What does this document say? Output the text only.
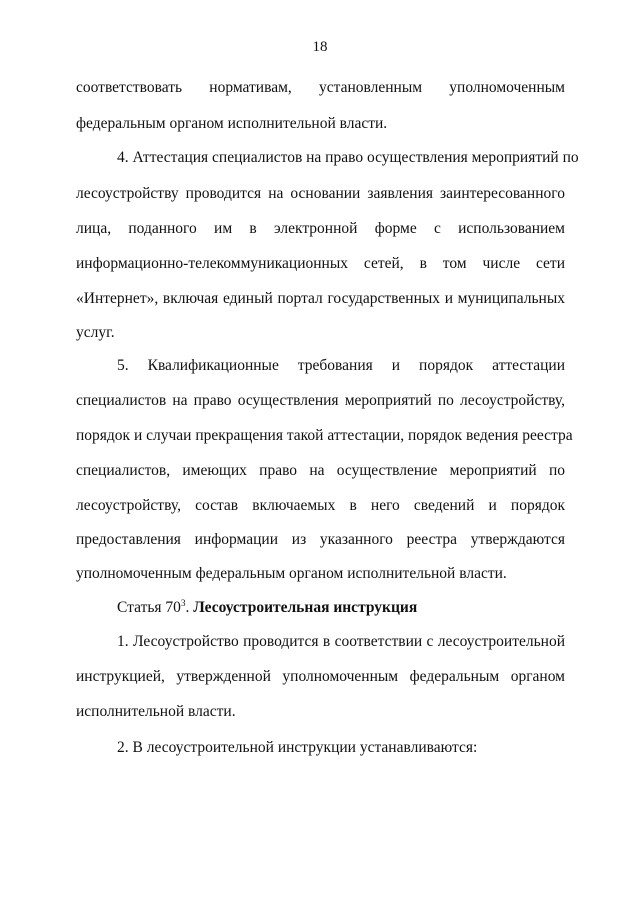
18
соответствовать нормативам, установленным уполномоченным
федеральным органом исполнительной власти.
4. Аттестация специалистов на право осуществления мероприятий по
лесоустройству проводится на основании заявления заинтересованного
лица, поданного им в электронной форме с использованием
информационно-телекоммуникационных сетей, в том числе сети
«Интернет», включая единый портал государственных и муниципальных
услуг.
5. Квалификационные требования и порядок аттестации
специалистов на право осуществления мероприятий по лесоустройству,
порядок и случаи прекращения такой аттестации, порядок ведения реестра
специалистов, имеющих право на осуществление мероприятий по
лесоустройству, состав включаемых в него сведений и порядок
предоставления информации из указанного реестра утверждаются
уполномоченным федеральным органом исполнительной власти.
Статья $70^3$. Лесоустроительная инструкция
1. Лесоустройство проводится в соответствии с лесоустроительной
инструкцией, утвержденной уполномоченным федеральным органом
исполнительной власти.
2. В лесоустроительной инструкции устанавливаются:
